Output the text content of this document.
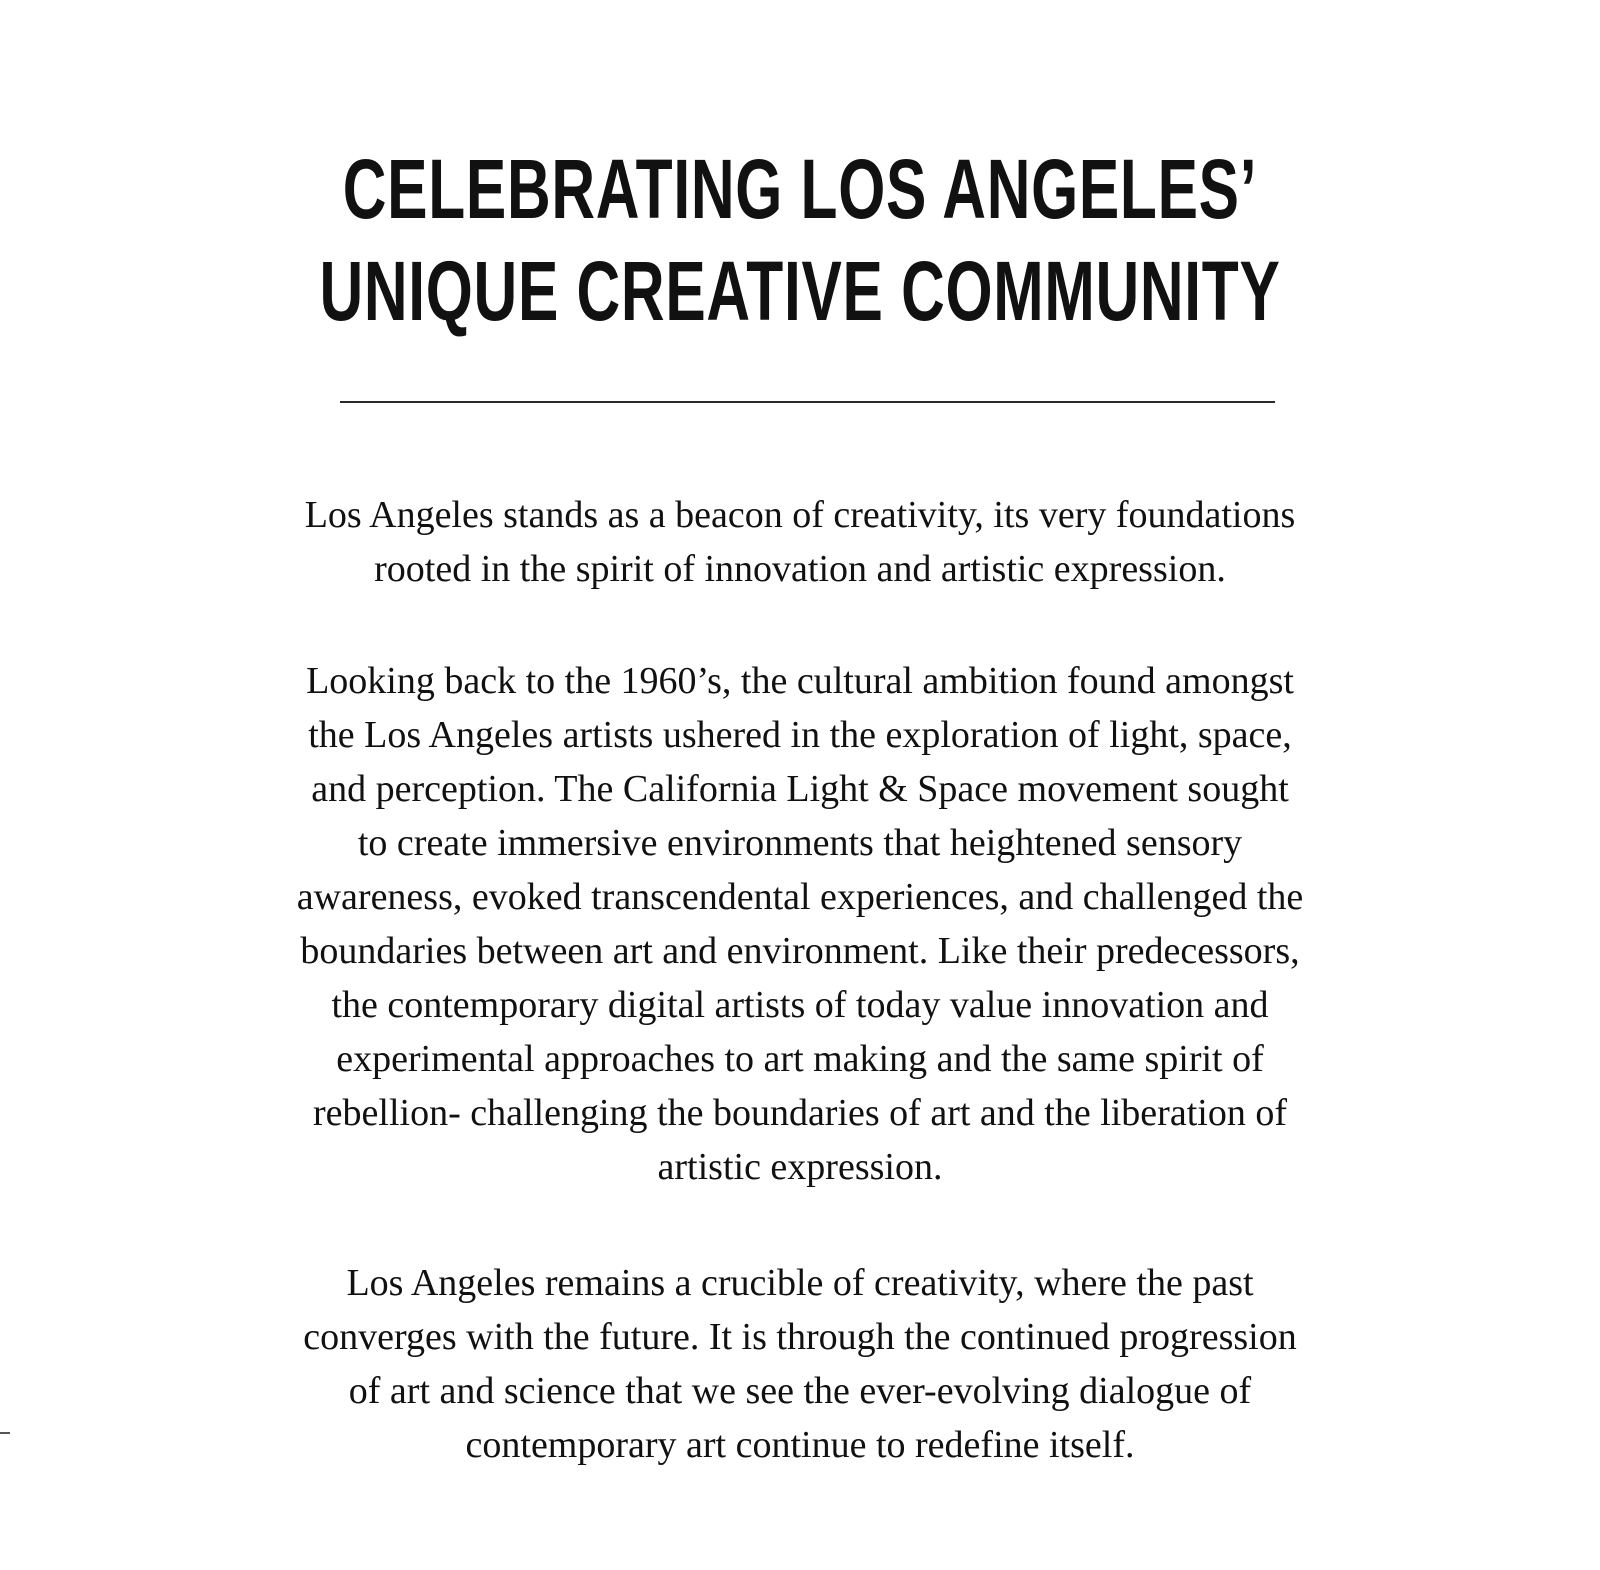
CELEBRATING LOS ANGELES’
UNIQUE CREATIVE COMMUNITY

Los Angeles stands as a beacon of creativity, its very foundations
rooted in the spirit of innovation and artistic expression.

Looking back to the 1960’s, the cultural ambition found amongst
the Los Angeles artists ushered in the exploration of light, space,
and perception. The California Light & Space movement sought
to create immersive environments that heightened sensory
awareness, evoked transcendental experiences, and challenged the
boundaries between art and environment. Like their predecessors,
the contemporary digital artists of today value innovation and
experimental approaches to art making and the same spirit of
rebellion- challenging the boundaries of art and the liberation of
artistic expression.

Los Angeles remains a crucible of creativity, where the past
converges with the future. It is through the continued progression
of art and science that we see the ever-evolving dialogue of
contemporary art continue to redefine itself.
